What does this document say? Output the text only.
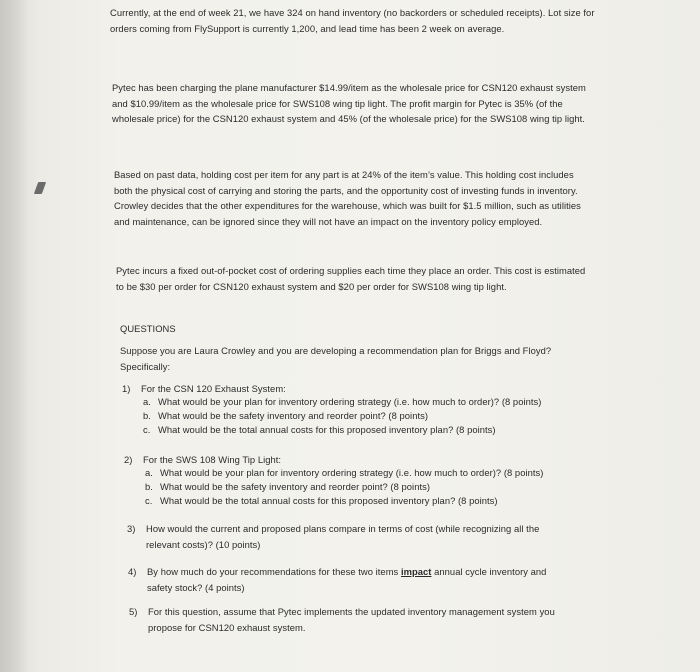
Currently, at the end of week 21, we have 324 on hand inventory (no backorders or scheduled receipts). Lot size for orders coming from FlySupport is currently 1,200, and lead time has been 2 week on average.

Pytec has been charging the plane manufacturer $14.99/item as the wholesale price for CSN120 exhaust system and $10.99/item as the wholesale price for SWS108 wing tip light. The profit margin for Pytec is 35% (of the wholesale price) for the CSN120 exhaust system and 45% (of the wholesale price) for the SWS108 wing tip light.

Based on past data, holding cost per item for any part is at 24% of the item’s value. This holding cost includes both the physical cost of carrying and storing the parts, and the opportunity cost of investing funds in inventory. Crowley decides that the other expenditures for the warehouse, which was built for $1.5 million, such as utilities and maintenance, can be ignored since they will not have an impact on the inventory policy employed.

Pytec incurs a fixed out-of-pocket cost of ordering supplies each time they place an order. This cost is estimated to be $30 per order for CSN120 exhaust system and $20 per order for SWS108 wing tip light.

QUESTIONS

Suppose you are Laura Crowley and you are developing a recommendation plan for Briggs and Floyd? Specifically:

1) For the CSN 120 Exhaust System:
a. What would be your plan for inventory ordering strategy (i.e. how much to order)? (8 points)
b. What would be the safety inventory and reorder point? (8 points)
c. What would be the total annual costs for this proposed inventory plan? (8 points)
2) For the SWS 108 Wing Tip Light:
a. What would be your plan for inventory ordering strategy (i.e. how much to order)? (8 points)
b. What would be the safety inventory and reorder point? (8 points)
c. What would be the total annual costs for this proposed inventory plan? (8 points)
3) How would the current and proposed plans compare in terms of cost (while recognizing all the relevant costs)? (10 points)

4) By how much do your recommendations for these two items impact annual cycle inventory and safety stock? (4 points)

5) For this question, assume that Pytec implements the updated inventory management system you propose for CSN120 exhaust system.
